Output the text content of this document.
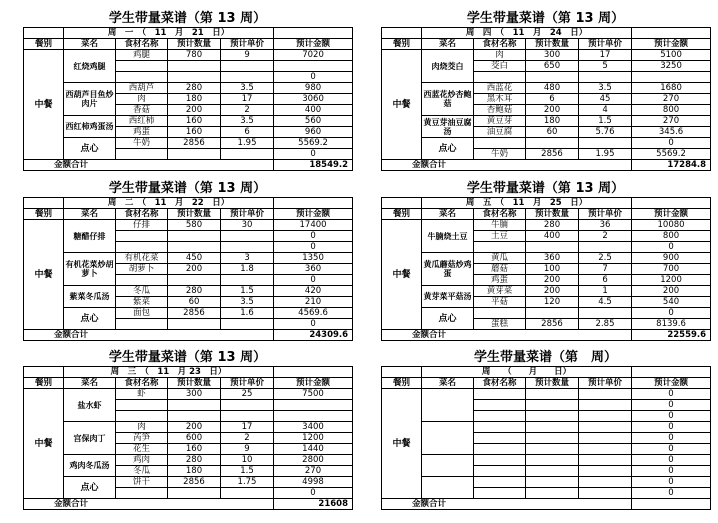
学生带量菜谱（第 13 周）
	周　一　（　11　月　21　日）				
餐别	菜名	食材名称	预计数量	预计单价	预计金额
中餐	红烧鸡腿	鸡腿	780	9	7020

					0
	西葫芦目鱼炒肉片	西葫芦	280	3.5	980
		肉	180	17	3060
		香菇	200	2	400
	西红柿鸡蛋汤	西红柿	160	3.5	560
		鸡蛋	160	6	960
	点心	牛奶	2856	1.95	5569.2
					0
金额合计					18549.2
学生带量菜谱（第 13 周）
	周　四　（　11　月　24　日）				
餐别	菜名	食材名称	预计数量	预计单价	预计金额
中餐	肉烧茭白	肉	300	17	5100
		茭白	650	5	3250

	西蓝花炒杏鲍菇	西蓝花	480	3.5	1680
		黑木耳	6	45	270
		杏鲍菇	200	4	800
	黄豆芽油豆腐汤	黄豆芽	180	1.5	270
		油豆腐	60	5.76	345.6
	点心				0
		牛奶	2856	1.95	5569.2
金额合计					17284.8
学生带量菜谱（第 13 周）
	周　二　（　11　月　22　日）				
餐别	菜名	食材名称	预计数量	预计单价	预计金额
中餐	糖醋仔排	仔排	580	30	17400
					0
					0
	有机花菜炒胡萝卜	有机花菜	450	3	1350
		胡萝卜	200	1.8	360
					0
	紫菜冬瓜汤	冬瓜	280	1.5	420
		紫菜	60	3.5	210
	点心	面包	2856	1.6	4569.6
					0
金额合计					24309.6
学生带量菜谱（第 13 周）
	周　五　（　11　月　25　日）				
餐别	菜名	食材名称	预计数量	预计单价	预计金额
中餐	牛腩烧土豆	牛腩	280	36	10080
		土豆	400	2	800
					0
	黄瓜蘑菇炒鸡蛋	黄瓜	360	2.5	900
		蘑菇	100	7	700
		鸡蛋	200	6	1200
	黄芽菜平菇汤	黄芽菜	200	1	200
		平菇	120	4.5	540
	点心				0
		蛋糕	2856	2.85	8139.6
金额合计					22559.6
学生带量菜谱（第 13 周）
	周　三　（　11　月 23　日）				
餐别	菜名	食材名称	预计数量	预计单价	预计金额
中餐	盐水虾	虾	300	25	7500

	宫保肉丁	肉	200	17	3400
		芮笋	600	2	1200
		花生	160	9	1440
	鸡肉冬瓜汤	鸡肉	280	10	2800
		冬瓜	180	1.5	270
	点心	饼干	2856	1.75	4998
					0
金额合计					21608
学生带量菜谱（第　周）
	周　　（　　月　　日）				
餐别	菜名	食材名称	预计数量	预计单价	预计金额
中餐					0
					0
					0
					0
					0
					0
					0
					0
					0
					0
金额合计					
